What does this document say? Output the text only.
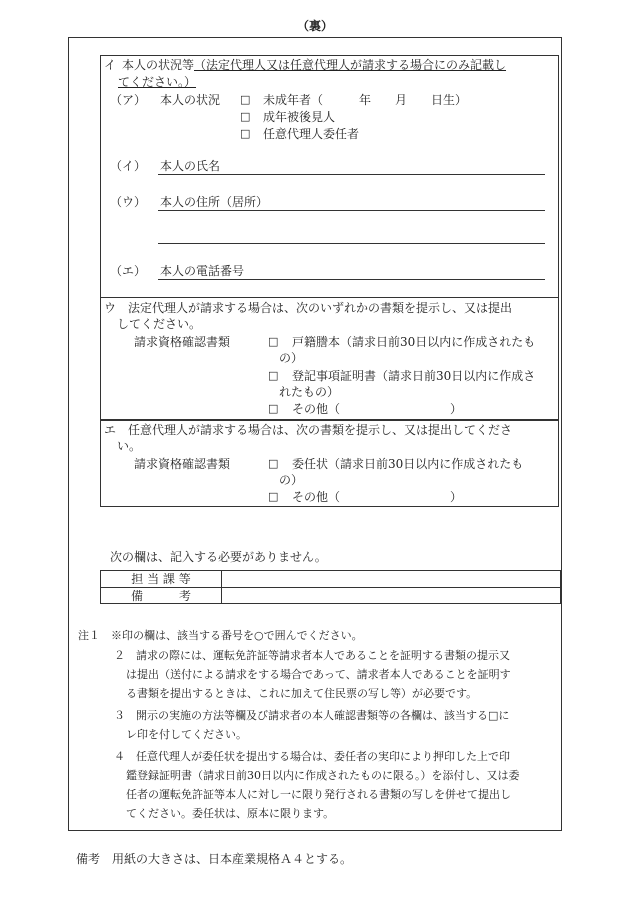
（裏）
イ　
本人の状況等 （法定代理人又は任意代理人が請求する場合にのみ記載し
てください。）
（ア） 本人の状況 □ 未成年者（　　　年　　月　　日生）
□ 成年被後見人
□ 任意代理人委任者
（イ） 本人の氏名
（ウ） 本人の住所（居所）
（エ） 本人の電話番号
ウ　法定代理人が請求する場合は、次のいずれかの書類を提示し、又は提出
してください。
請求資格確認書類	□ 戸籍謄本（請求日前30日以内に作成されたも
の）
□ 登記事項証明書（請求日前30日以内に作成さ
れたもの）
□ その他（	）
エ　任意代理人が請求する場合は、次の書類を提示し、又は提出してくださ
い。
請求資格確認書類	□ 委任状（請求日前30日以内に作成されたも
の）
□ その他（	）
次の欄は、記入する必要がありません。
担 当 課 等
備　　　考
注１　※印の欄は、該当する番号を○で囲んでください。
２　請求の際には、運転免許証等請求者本人であることを証明する書類の提示又
は提出（送付による請求をする場合であって、請求者本人であることを証明す
る書類を提出するときは、これに加えて住民票の写し等）が必要です。
３　開示の実施の方法等欄及び請求者の本人確認書類等の各欄は、該当する□に
レ印を付してください。
４　任意代理人が委任状を提出する場合は、委任者の実印により押印した上で印
鑑登録証明書（請求日前30日以内に作成されたものに限る。）を添付し、又は委
任者の運転免許証等本人に対し一に限り発行される書類の写しを併せて提出し
てください。委任状は、原本に限ります。
備考　用紙の大きさは、日本産業規格Ａ４とする。
